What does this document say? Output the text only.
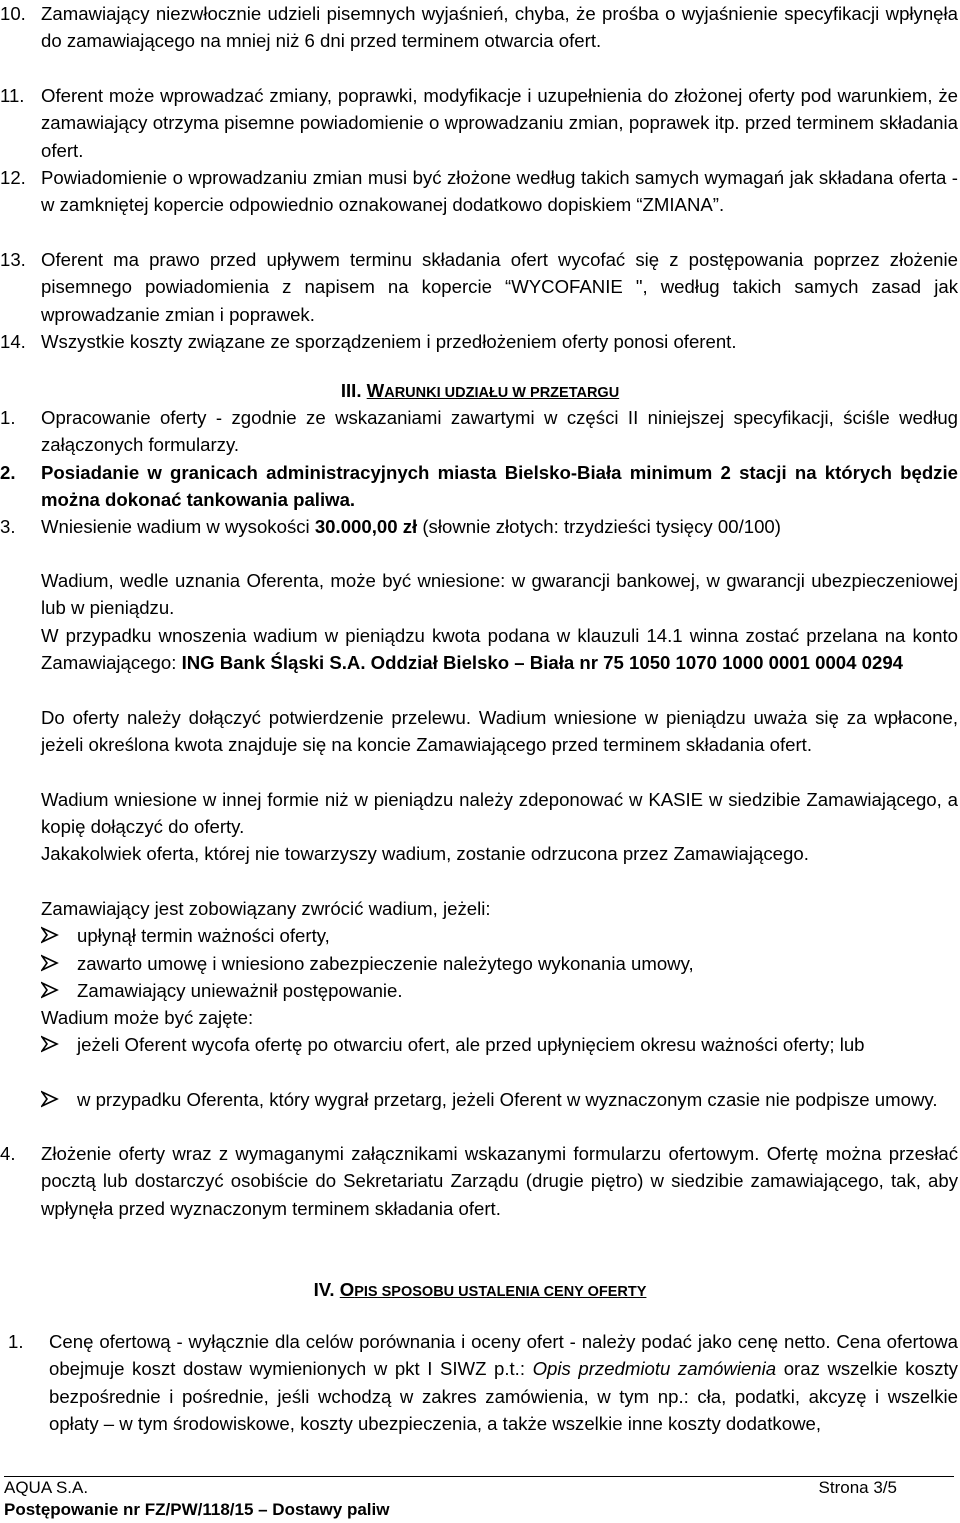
10. Zamawiający niezwłocznie udzieli pisemnych wyjaśnień, chyba, że prośba o wyjaśnienie specyfikacji wpłynęła do zamawiającego na mniej niż 6 dni przed terminem otwarcia ofert.
11. Oferent może wprowadzać zmiany, poprawki, modyfikacje i uzupełnienia do złożonej oferty pod warunkiem, że zamawiający otrzyma pisemne powiadomienie o wprowadzaniu zmian, poprawek itp. przed terminem składania ofert.
12. Powiadomienie o wprowadzaniu zmian musi być złożone według takich samych wymagań jak składana oferta - w zamkniętej kopercie odpowiednio oznakowanej dodatkowo dopiskiem “ZMIANA”.
13. Oferent ma prawo przed upływem terminu składania ofert wycofać się z postępowania poprzez złożenie pisemnego powiadomienia z napisem na kopercie “WYCOFANIE ", według takich samych zasad jak wprowadzanie zmian i poprawek.
14. Wszystkie koszty związane ze sporządzeniem i przedłożeniem oferty ponosi oferent.
III. WARUNKI UDZIAŁU W PRZETARGU
1. Opracowanie oferty - zgodnie ze wskazaniami zawartymi w części II niniejszej specyfikacji, ściśle według załączonych formularzy.
2. Posiadanie w granicach administracyjnych miasta Bielsko-Biała minimum 2 stacji na których będzie można dokonać tankowania paliwa.
3. Wniesienie wadium w wysokości 30.000,00 zł (słownie złotych: trzydzieści tysięcy 00/100)
Wadium, wedle uznania Oferenta, może być wniesione: w gwarancji bankowej, w gwarancji ubezpieczeniowej lub w pieniądzu.
W przypadku wnoszenia wadium w pieniądzu kwota podana w klauzuli 14.1 winna zostać przelana na konto Zamawiającego: ING Bank Śląski S.A. Oddział Bielsko – Biała nr 75 1050 1070 1000 0001 0004 0294
Do oferty należy dołączyć potwierdzenie przelewu. Wadium wniesione w pieniądzu uważa się za wpłacone, jeżeli określona kwota znajduje się na koncie Zamawiającego przed terminem składania ofert.
Wadium wniesione w innej formie niż w pieniądzu należy zdeponować w KASIE w siedzibie Zamawiającego, a kopię dołączyć do oferty.
Jakakolwiek oferta, której nie towarzyszy wadium, zostanie odrzucona przez Zamawiającego.
Zamawiający jest zobowiązany zwrócić wadium, jeżeli:
upłynął termin ważności oferty,
zawarto umowę i wniesiono zabezpieczenie należytego wykonania umowy,
Zamawiający unieważnił postępowanie.
Wadium może być zajęte:
jeżeli Oferent wycofa ofertę po otwarciu ofert, ale przed upłynięciem okresu ważności oferty; lub
w przypadku Oferenta, który wygrał przetarg, jeżeli Oferent w wyznaczonym czasie nie podpisze umowy.
4. Złożenie oferty wraz z wymaganymi załącznikami wskazanymi formularzu ofertowym. Ofertę można przesłać pocztą lub dostarczyć osobiście do Sekretariatu Zarządu (drugie piętro) w siedzibie zamawiającego, tak, aby wpłynęła przed wyznaczonym terminem składania ofert.
IV. OPIS SPOSOBU USTALENIA CENY OFERTY
1. Cenę ofertową - wyłącznie dla celów porównania i oceny ofert - należy podać jako cenę netto. Cena ofertowa obejmuje koszt dostaw wymienionych w pkt I SIWZ p.t.: Opis przedmiotu zamówienia oraz wszelkie koszty bezpośrednie i pośrednie, jeśli wchodzą w zakres zamówienia, w tym np.: cła, podatki, akcyzę i wszelkie opłaty – w tym środowiskowe, koszty ubezpieczenia, a także wszelkie inne koszty dodatkowe,
AQUA S.A.	Strona 3/5
Postępowanie nr FZ/PW/118/15 – Dostawy paliw
